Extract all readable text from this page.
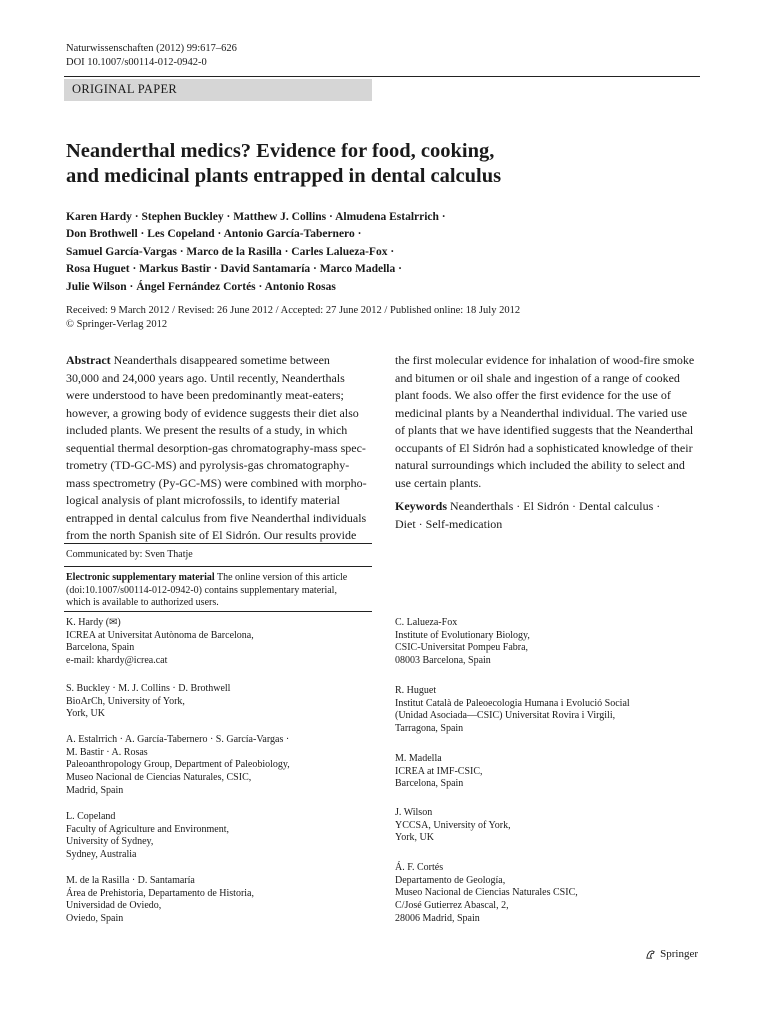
Naturwissenschaften (2012) 99:617–626
DOI 10.1007/s00114-012-0942-0
ORIGINAL PAPER
Neanderthal medics? Evidence for food, cooking,
and medicinal plants entrapped in dental calculus
Karen Hardy · Stephen Buckley · Matthew J. Collins · Almudena Estalrrich ·
Don Brothwell · Les Copeland · Antonio García-Tabernero ·
Samuel García-Vargas · Marco de la Rasilla · Carles Lalueza-Fox ·
Rosa Huguet · Markus Bastir · David Santamaría · Marco Madella ·
Julie Wilson · Ángel Fernández Cortés · Antonio Rosas
Received: 9 March 2012 / Revised: 26 June 2012 / Accepted: 27 June 2012 / Published online: 18 July 2012
© Springer-Verlag 2012
Abstract Neanderthals disappeared sometime between
30,000 and 24,000 years ago. Until recently, Neanderthals
were understood to have been predominantly meat-eaters;
however, a growing body of evidence suggests their diet also
included plants. We present the results of a study, in which
sequential thermal desorption-gas chromatography-mass spec-
trometry (TD-GC-MS) and pyrolysis-gas chromatography-
mass spectrometry (Py-GC-MS) were combined with morpho-
logical analysis of plant microfossils, to identify material
entrapped in dental calculus from five Neanderthal individuals
from the north Spanish site of El Sidrón. Our results provide
the first molecular evidence for inhalation of wood-fire smoke
and bitumen or oil shale and ingestion of a range of cooked
plant foods. We also offer the first evidence for the use of
medicinal plants by a Neanderthal individual. The varied use
of plants that we have identified suggests that the Neanderthal
occupants of El Sidrón had a sophisticated knowledge of their
natural surroundings which included the ability to select and
use certain plants.
Keywords Neanderthals · El Sidrón · Dental calculus ·
Diet · Self-medication
Communicated by: Sven Thatje
Electronic supplementary material The online version of this article
(doi:10.1007/s00114-012-0942-0) contains supplementary material,
which is available to authorized users.
K. Hardy (✉)
ICREA at Universitat Autònoma de Barcelona,
Barcelona, Spain
e-mail: khardy@icrea.cat
S. Buckley · M. J. Collins · D. Brothwell
BioArCh, University of York,
York, UK
A. Estalrrich · A. García-Tabernero · S. García-Vargas ·
M. Bastir · A. Rosas
Paleoanthropology Group, Department of Paleobiology,
Museo Nacional de Ciencias Naturales, CSIC,
Madrid, Spain
L. Copeland
Faculty of Agriculture and Environment,
University of Sydney,
Sydney, Australia
M. de la Rasilla · D. Santamaría
Área de Prehistoria, Departamento de Historia,
Universidad de Oviedo,
Oviedo, Spain
C. Lalueza-Fox
Institute of Evolutionary Biology,
CSIC-Universitat Pompeu Fabra,
08003 Barcelona, Spain
R. Huguet
Institut Català de Paleoecologia Humana i Evolució Social
(Unidad Asociada—CSIC) Universitat Rovira i Virgili,
Tarragona, Spain
M. Madella
ICREA at IMF-CSIC,
Barcelona, Spain
J. Wilson
YCCSA, University of York,
York, UK
Á. F. Cortés
Departamento de Geología,
Museo Nacional de Ciencias Naturales CSIC,
C/José Gutierrez Abascal, 2,
28006 Madrid, Spain
Springer
